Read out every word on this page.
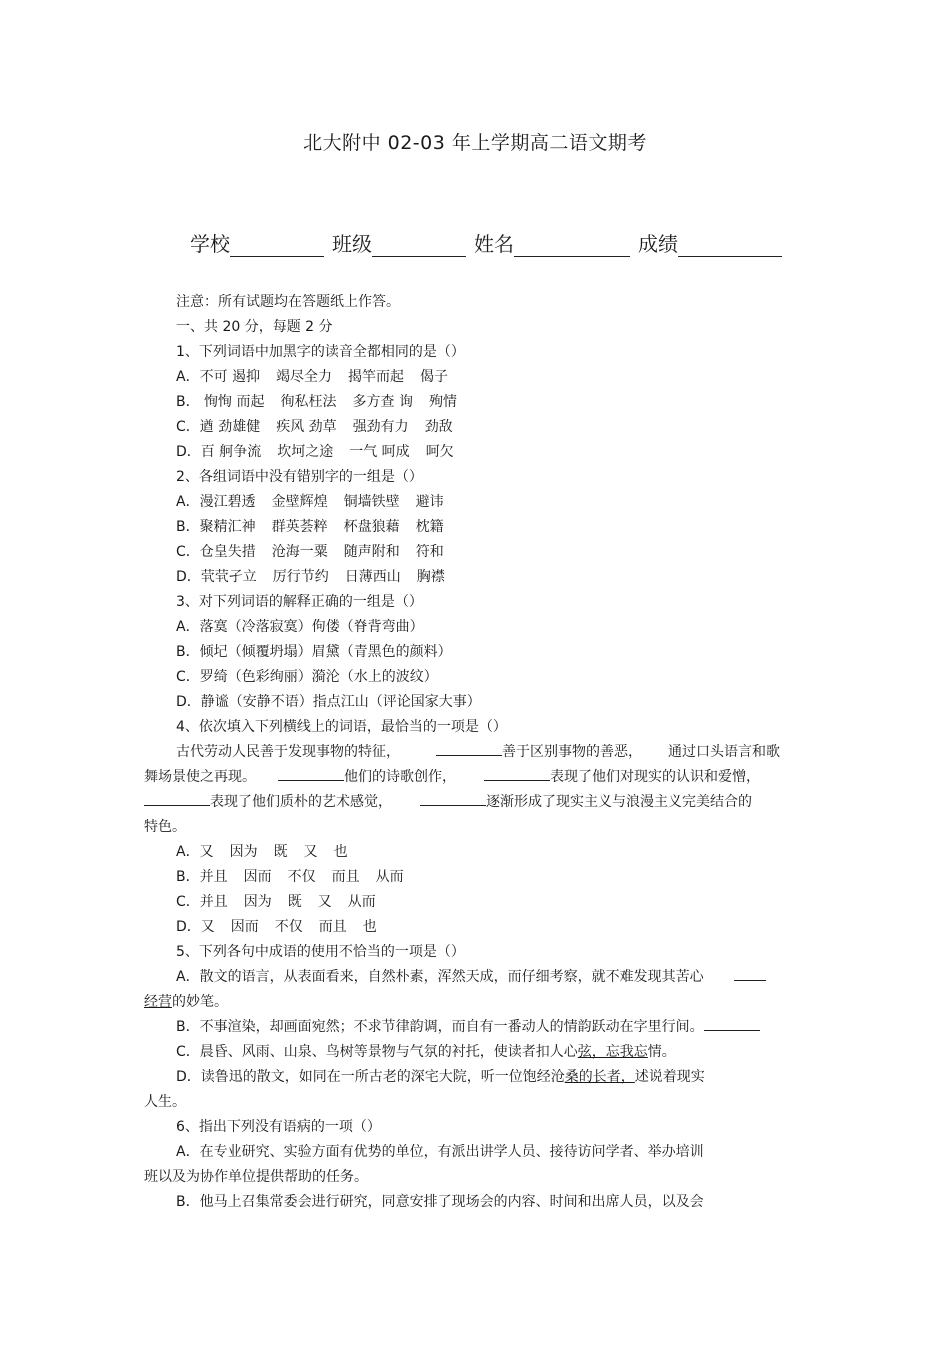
北大附中 02-03 年上学期高二语文期考
学校	班级	姓名	成绩
注意：所有试题均在答题纸上作答。
一、共 20 分，每题 2 分
1、下列词语中加黑字的读音全都相同的是（）
A．不可 遏抑 竭尽全力 揭竿而起 偈子
B． 恂恂 而起 徇私枉法 多方查 询 殉情
C．遒 劲雄健 疾风 劲草 强劲有力 劲敌
D．百 舸争流 坎坷之途 一气 呵成 呵欠
2、各组词语中没有错别字的一组是（）
A．漫江碧透 金壁辉煌 铜墙铁壁 避讳
B．聚精汇神 群英荟粹 杯盘狼藉 枕籍
C．仓皇失措 沧海一粟 随声附和 符和
D．茕茕孑立 厉行节约 日薄西山 胸襟
3、对下列词语的解释正确的一组是（）
A．落寞（冷落寂寞）佝偻（脊背弯曲）
B．倾圮（倾覆坍塌）眉黛（青黑色的颜料）
C．罗绮（色彩绚丽）漪沦（水上的波纹）
D．静谧（安静不语）指点江山（评论国家大事）
4、依次填入下列横线上的词语，最恰当的一项是（）
古代劳动人民善于发现事物的特征，	善于区别事物的善恶， 通过口头语言和歌
舞场景使之再现。	他们的诗歌创作，	表现了他们对现实的认识和爱憎，
表现了他们质朴的艺术感觉，	逐渐形成了现实主义与浪漫主义完美结合的
特色。
A．又 因为 既 又 也
B．并且 因而 不仅 而且 从而
C．并且 因为 既 又 从而
D．又 因而 不仅 而且 也
5、下列各句中成语的使用不恰当的一项是（）
A．散文的语言，从表面看来，自然朴素，浑然天成，而仔细考察，就不难发现其苦心
经营的妙笔。
B．不事渲染，却画面宛然；不求节律韵调，而自有一番动人的情韵跃动在字里行间。
C．晨昏、风雨、山泉、鸟树等景物与气氛的衬托，使读者扣人心弦，忘我忘情。
D．读鲁迅的散文，如同在一所古老的深宅大院，听一位饱经沧桑的长者，述说着现实
人生。
6、指出下列没有语病的一项（）
A．在专业研究、实验方面有优势的单位，有派出讲学人员、接待访问学者、举办培训
班以及为协作单位提供帮助的任务。
B．他马上召集常委会进行研究，同意安排了现场会的内容、时间和出席人员，以及会
